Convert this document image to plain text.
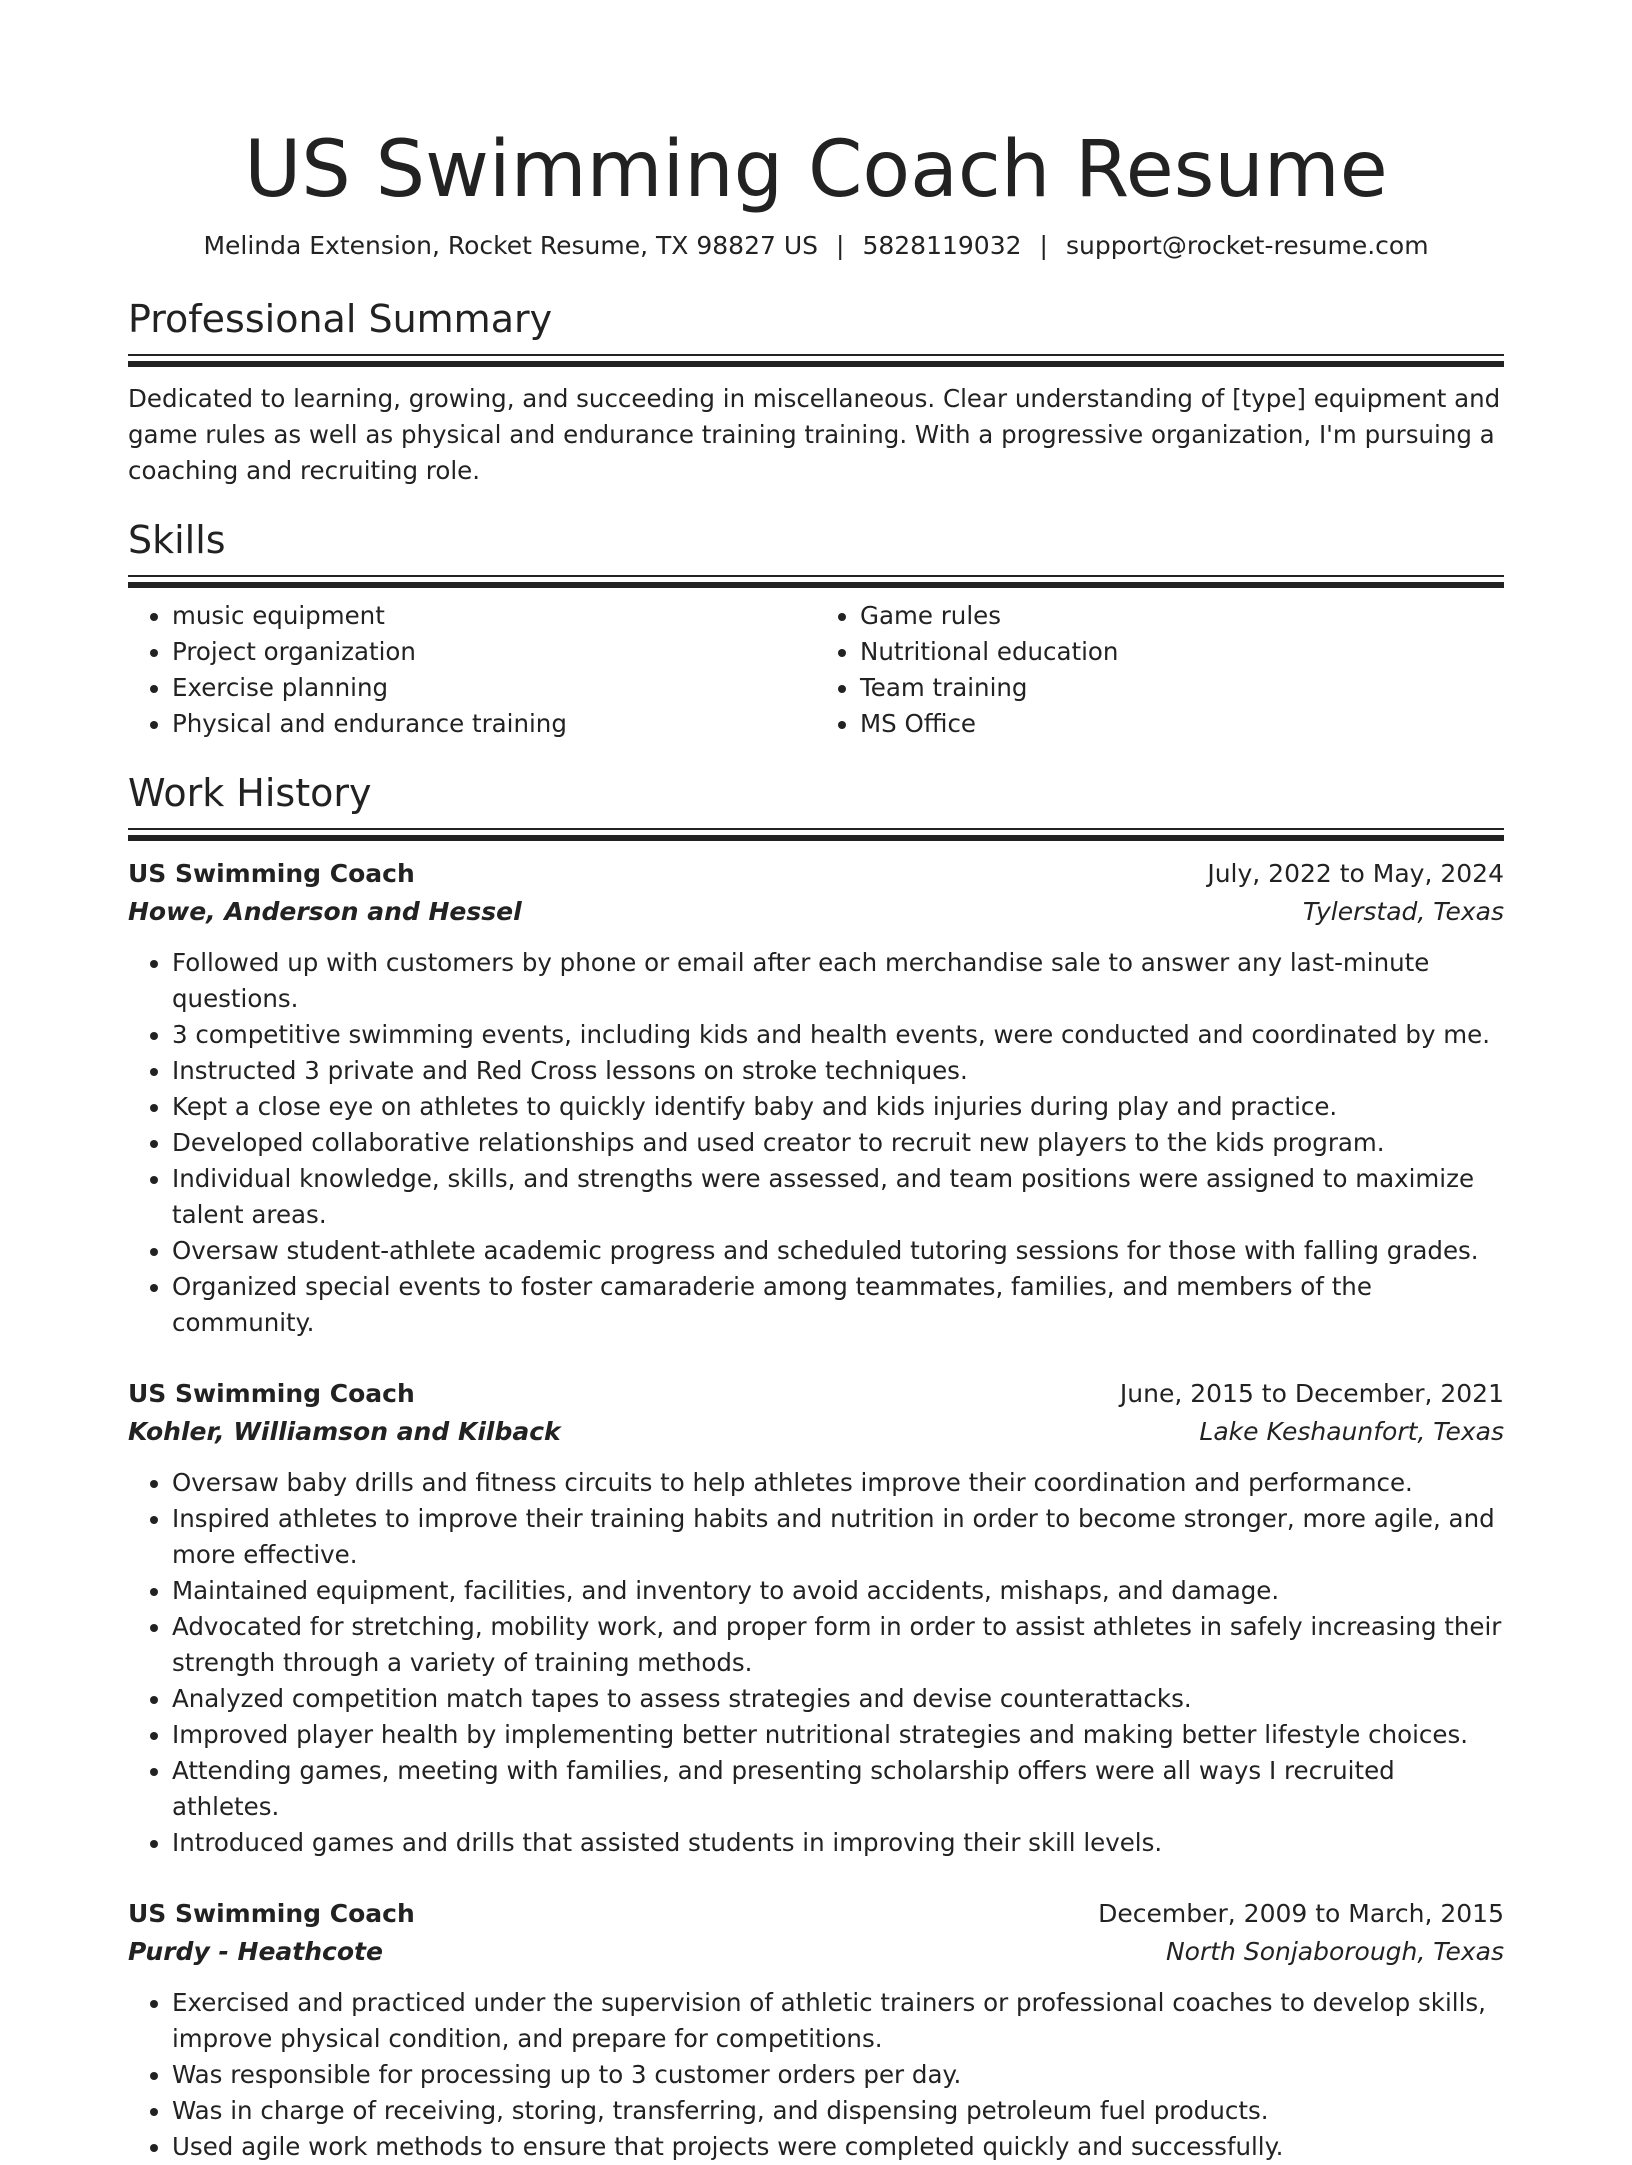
US Swimming Coach Resume
Melinda Extension, Rocket Resume, TX 98827 US | 5828119032 | support@rocket-resume.com
Professional Summary

Dedicated to learning, growing, and succeeding in miscellaneous. Clear understanding of [type] equipment and game rules as well as physical and endurance training training. With a progressive organization, I'm pursuing a coaching and recruiting role.

Skills
• music equipment
• Project organization
• Exercise planning
• Physical and endurance training
• Game rules
• Nutritional education
• Team training
• MS Office
Work History
US Swimming Coach	July, 2022 to May, 2024
Howe, Anderson and Hessel	Tylerstad, Texas
• Followed up with customers by phone or email after each merchandise sale to answer any last-minute questions.
• 3 competitive swimming events, including kids and health events, were conducted and coordinated by me.
• Instructed 3 private and Red Cross lessons on stroke techniques.
• Kept a close eye on athletes to quickly identify baby and kids injuries during play and practice.
• Developed collaborative relationships and used creator to recruit new players to the kids program.
• Individual knowledge, skills, and strengths were assessed, and team positions were assigned to maximize talent areas.
• Oversaw student-athlete academic progress and scheduled tutoring sessions for those with falling grades.
• Organized special events to foster camaraderie among teammates, families, and members of the community.
US Swimming Coach	June, 2015 to December, 2021
Kohler, Williamson and Kilback	Lake Keshaunfort, Texas
• Oversaw baby drills and fitness circuits to help athletes improve their coordination and performance.
• Inspired athletes to improve their training habits and nutrition in order to become stronger, more agile, and more effective.
• Maintained equipment, facilities, and inventory to avoid accidents, mishaps, and damage.
• Advocated for stretching, mobility work, and proper form in order to assist athletes in safely increasing their strength through a variety of training methods.
• Analyzed competition match tapes to assess strategies and devise counterattacks.
• Improved player health by implementing better nutritional strategies and making better lifestyle choices.
• Attending games, meeting with families, and presenting scholarship offers were all ways I recruited athletes.
• Introduced games and drills that assisted students in improving their skill levels.
US Swimming Coach	December, 2009 to March, 2015
Purdy - Heathcote	North Sonjaborough, Texas
• Exercised and practiced under the supervision of athletic trainers or professional coaches to develop skills, improve physical condition, and prepare for competitions.
• Was responsible for processing up to 3 customer orders per day.
• Was in charge of receiving, storing, transferring, and dispensing petroleum fuel products.
• Used agile work methods to ensure that projects were completed quickly and successfully.
